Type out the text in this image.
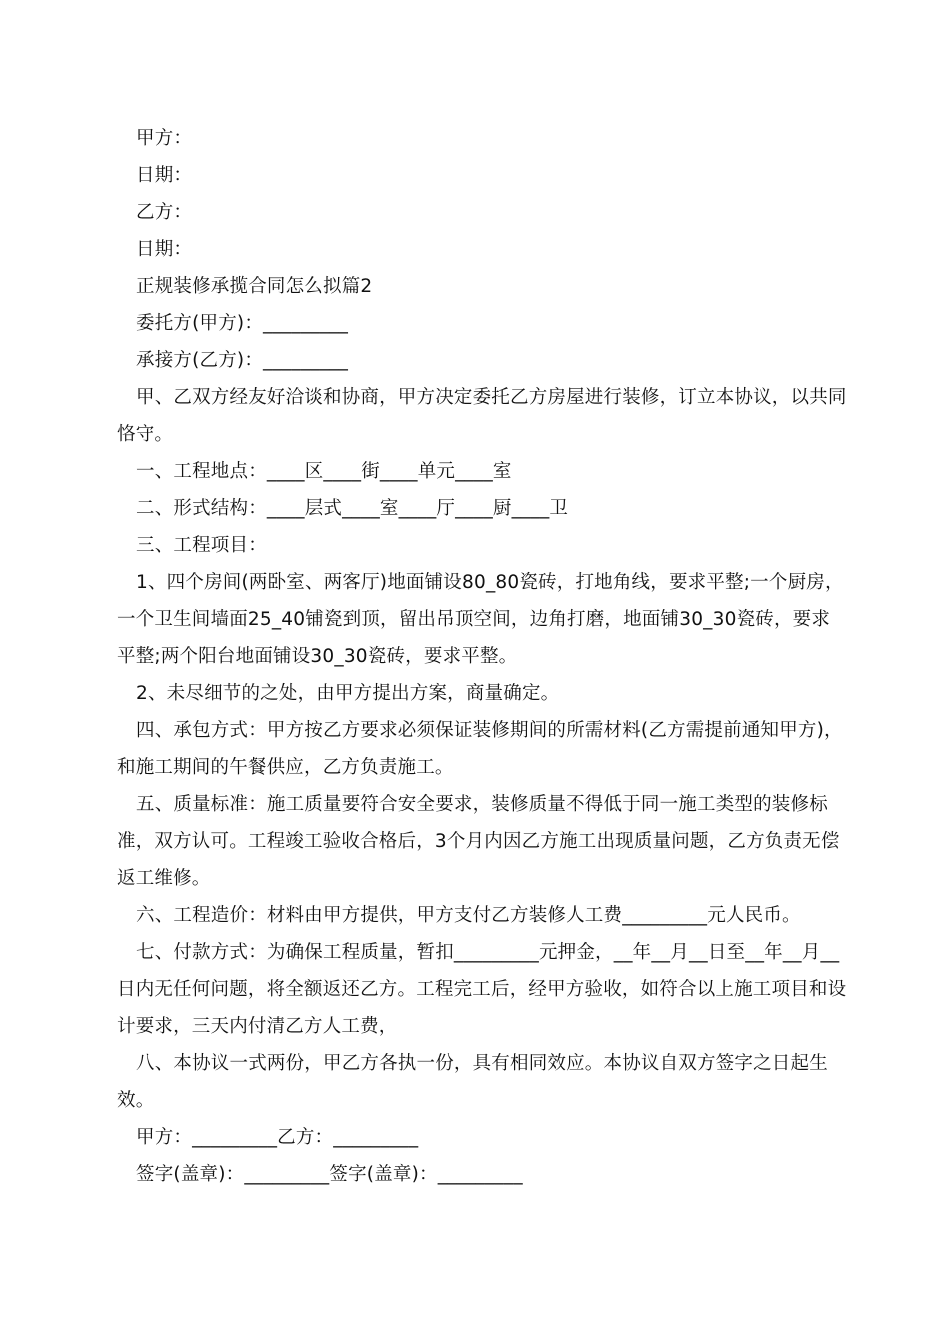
甲方：

日期：

乙方：

日期：

正规装修承揽合同怎么拟篇2

委托方(甲方)：_________

承接方(乙方)：_________

甲、乙双方经友好洽谈和协商，甲方决定委托乙方房屋进行装修，订立本协议，以共同恪守。

一、工程地点：____区____街____单元____室

二、形式结构：____层式____室____厅____厨____卫

三、工程项目：

1、四个房间(两卧室、两客厅)地面铺设80_80瓷砖，打地角线，要求平整;一个厨房，一个卫生间墙面25_40铺瓷到顶，留出吊顶空间，边角打磨，地面铺30_30瓷砖，要求平整;两个阳台地面铺设30_30瓷砖，要求平整。

2、未尽细节的之处，由甲方提出方案，商量确定。

四、承包方式：甲方按乙方要求必须保证装修期间的所需材料(乙方需提前通知甲方)，和施工期间的午餐供应，乙方负责施工。

五、质量标准：施工质量要符合安全要求，装修质量不得低于同一施工类型的装修标准，双方认可。工程竣工验收合格后，3个月内因乙方施工出现质量问题，乙方负责无偿返工维修。

六、工程造价：材料由甲方提供，甲方支付乙方装修人工费_________元人民币。

七、付款方式：为确保工程质量，暂扣_________元押金，__年__月__日至__年__月__日内无任何问题，将全额返还乙方。工程完工后，经甲方验收，如符合以上施工项目和设计要求，三天内付清乙方人工费，

八、本协议一式两份，甲乙方各执一份，具有相同效应。本协议自双方签字之日起生效。

甲方：_________乙方：_________

签字(盖章)：_________签字(盖章)：_________
